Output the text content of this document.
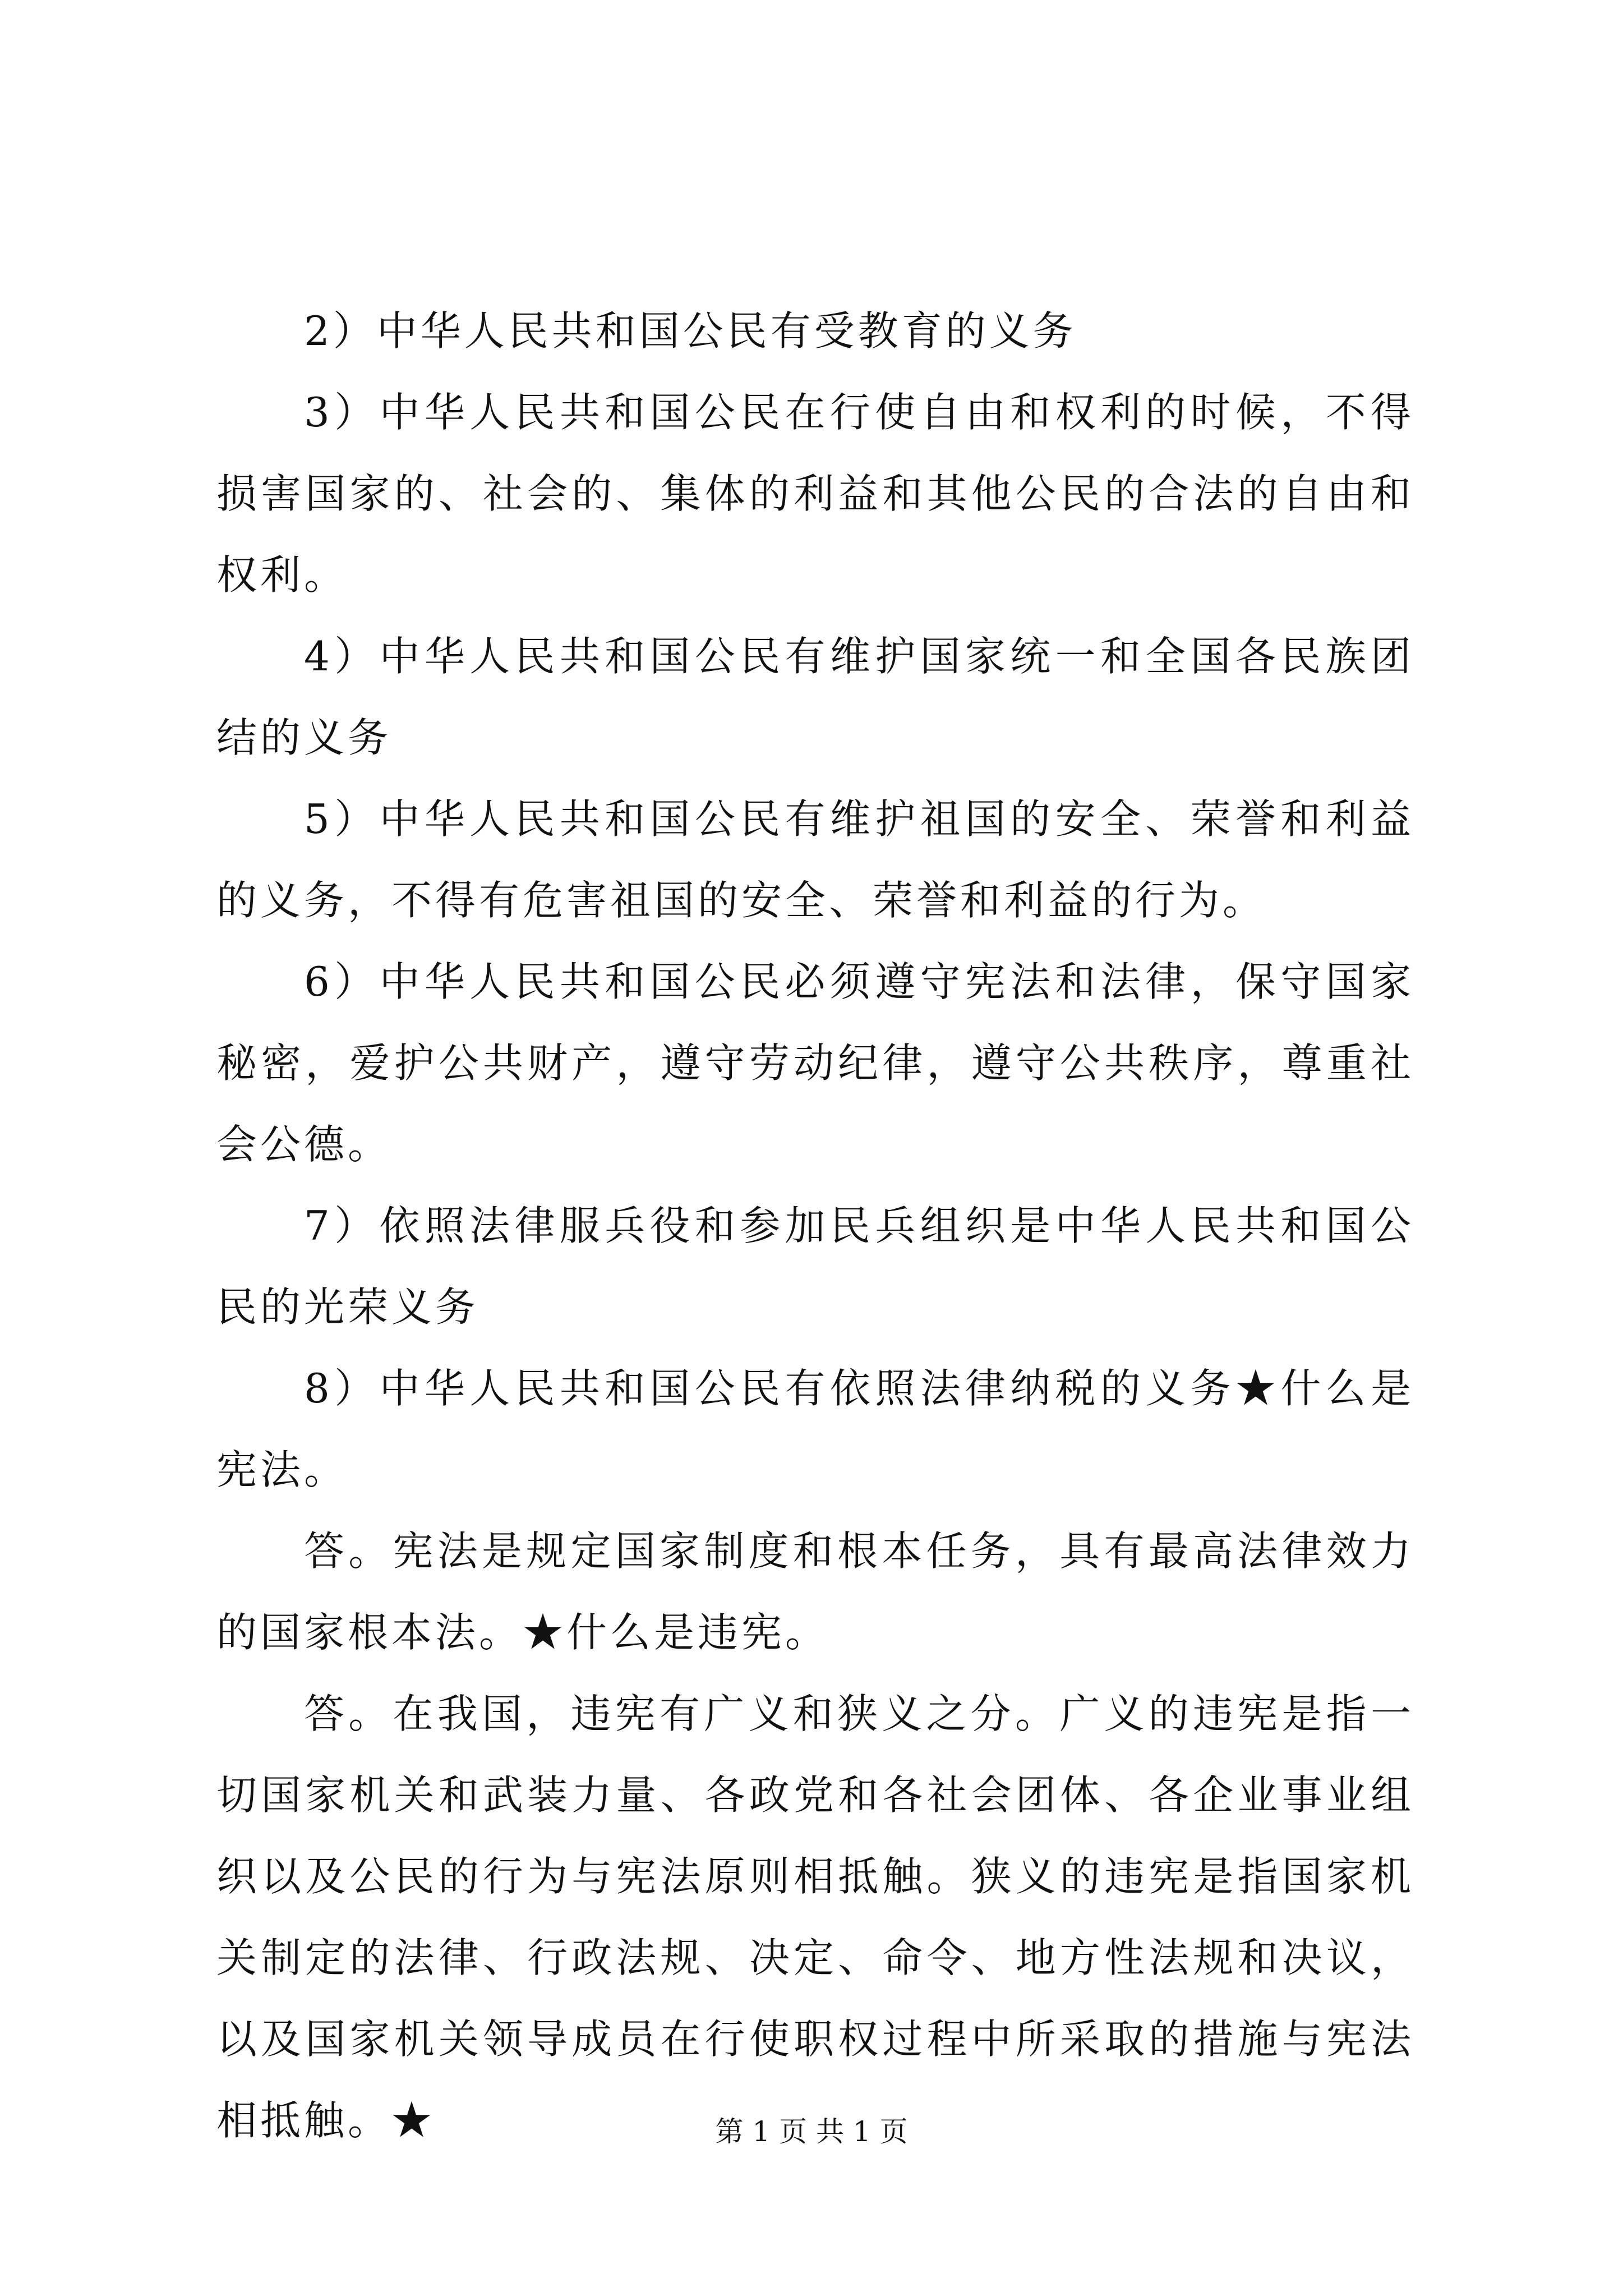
2）中华人民共和国公民有受教育的义务

3）中华人民共和国公民在行使自由和权利的时候，不得损害国家的、社会的、集体的利益和其他公民的合法的自由和权利。

4）中华人民共和国公民有维护国家统一和全国各民族团结的义务

5）中华人民共和国公民有维护祖国的安全、荣誉和利益的义务，不得有危害祖国的安全、荣誉和利益的行为。

6）中华人民共和国公民必须遵守宪法和法律，保守国家秘密，爱护公共财产，遵守劳动纪律，遵守公共秩序，尊重社会公德。

7）依照法律服兵役和参加民兵组织是中华人民共和国公民的光荣义务

8）中华人民共和国公民有依照法律纳税的义务★什么是宪法。

答。宪法是规定国家制度和根本任务，具有最高法律效力的国家根本法。★什么是违宪。

答。在我国，违宪有广义和狭义之分。广义的违宪是指一切国家机关和武装力量、各政党和各社会团体、各企业事业组织以及公民的行为与宪法原则相抵触。狭义的违宪是指国家机关制定的法律、行政法规、决定、命令、地方性法规和决议，以及国家机关领导成员在行使职权过程中所采取的措施与宪法相抵触。★	第 1 页 共 1 页
